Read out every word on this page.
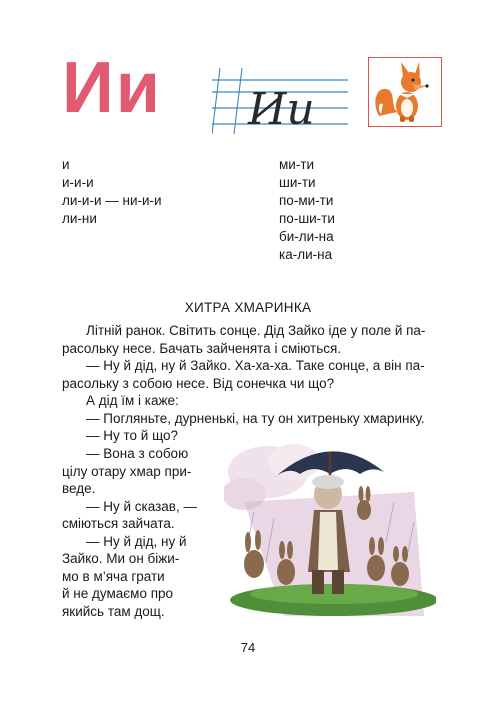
Ии Ии
и
и-и-и
ли-и-и — ни-и-и
ли-ни
ми-ти
ши-ти
по-ми-ти
по-ши-ти
би-ли-на
ка-ли-на
ХИТРА ХМАРИНКА
Літній ранок. Світить сонце. Дід Зайко іде у поле й па-
расольку несе. Бачать зайченята і сміються.
— Ну й дід, ну й Зайко. Ха-ха-ха. Таке сонце, а він па-
расольку з собою несе. Від сонечка чи що?
А дід їм і каже:
— Погляньте, дурненькі, на ту он хитреньку хмаринку.
— Ну то й що?
— Вона з собою
цілу отару хмар при-
веде.
— Ну й сказав, —
сміються зайчата.
— Ну й дід, ну й
Зайко. Ми он біжи-
мо в м’яча грати
й не думаємо про
якийсь там дощ.
74
